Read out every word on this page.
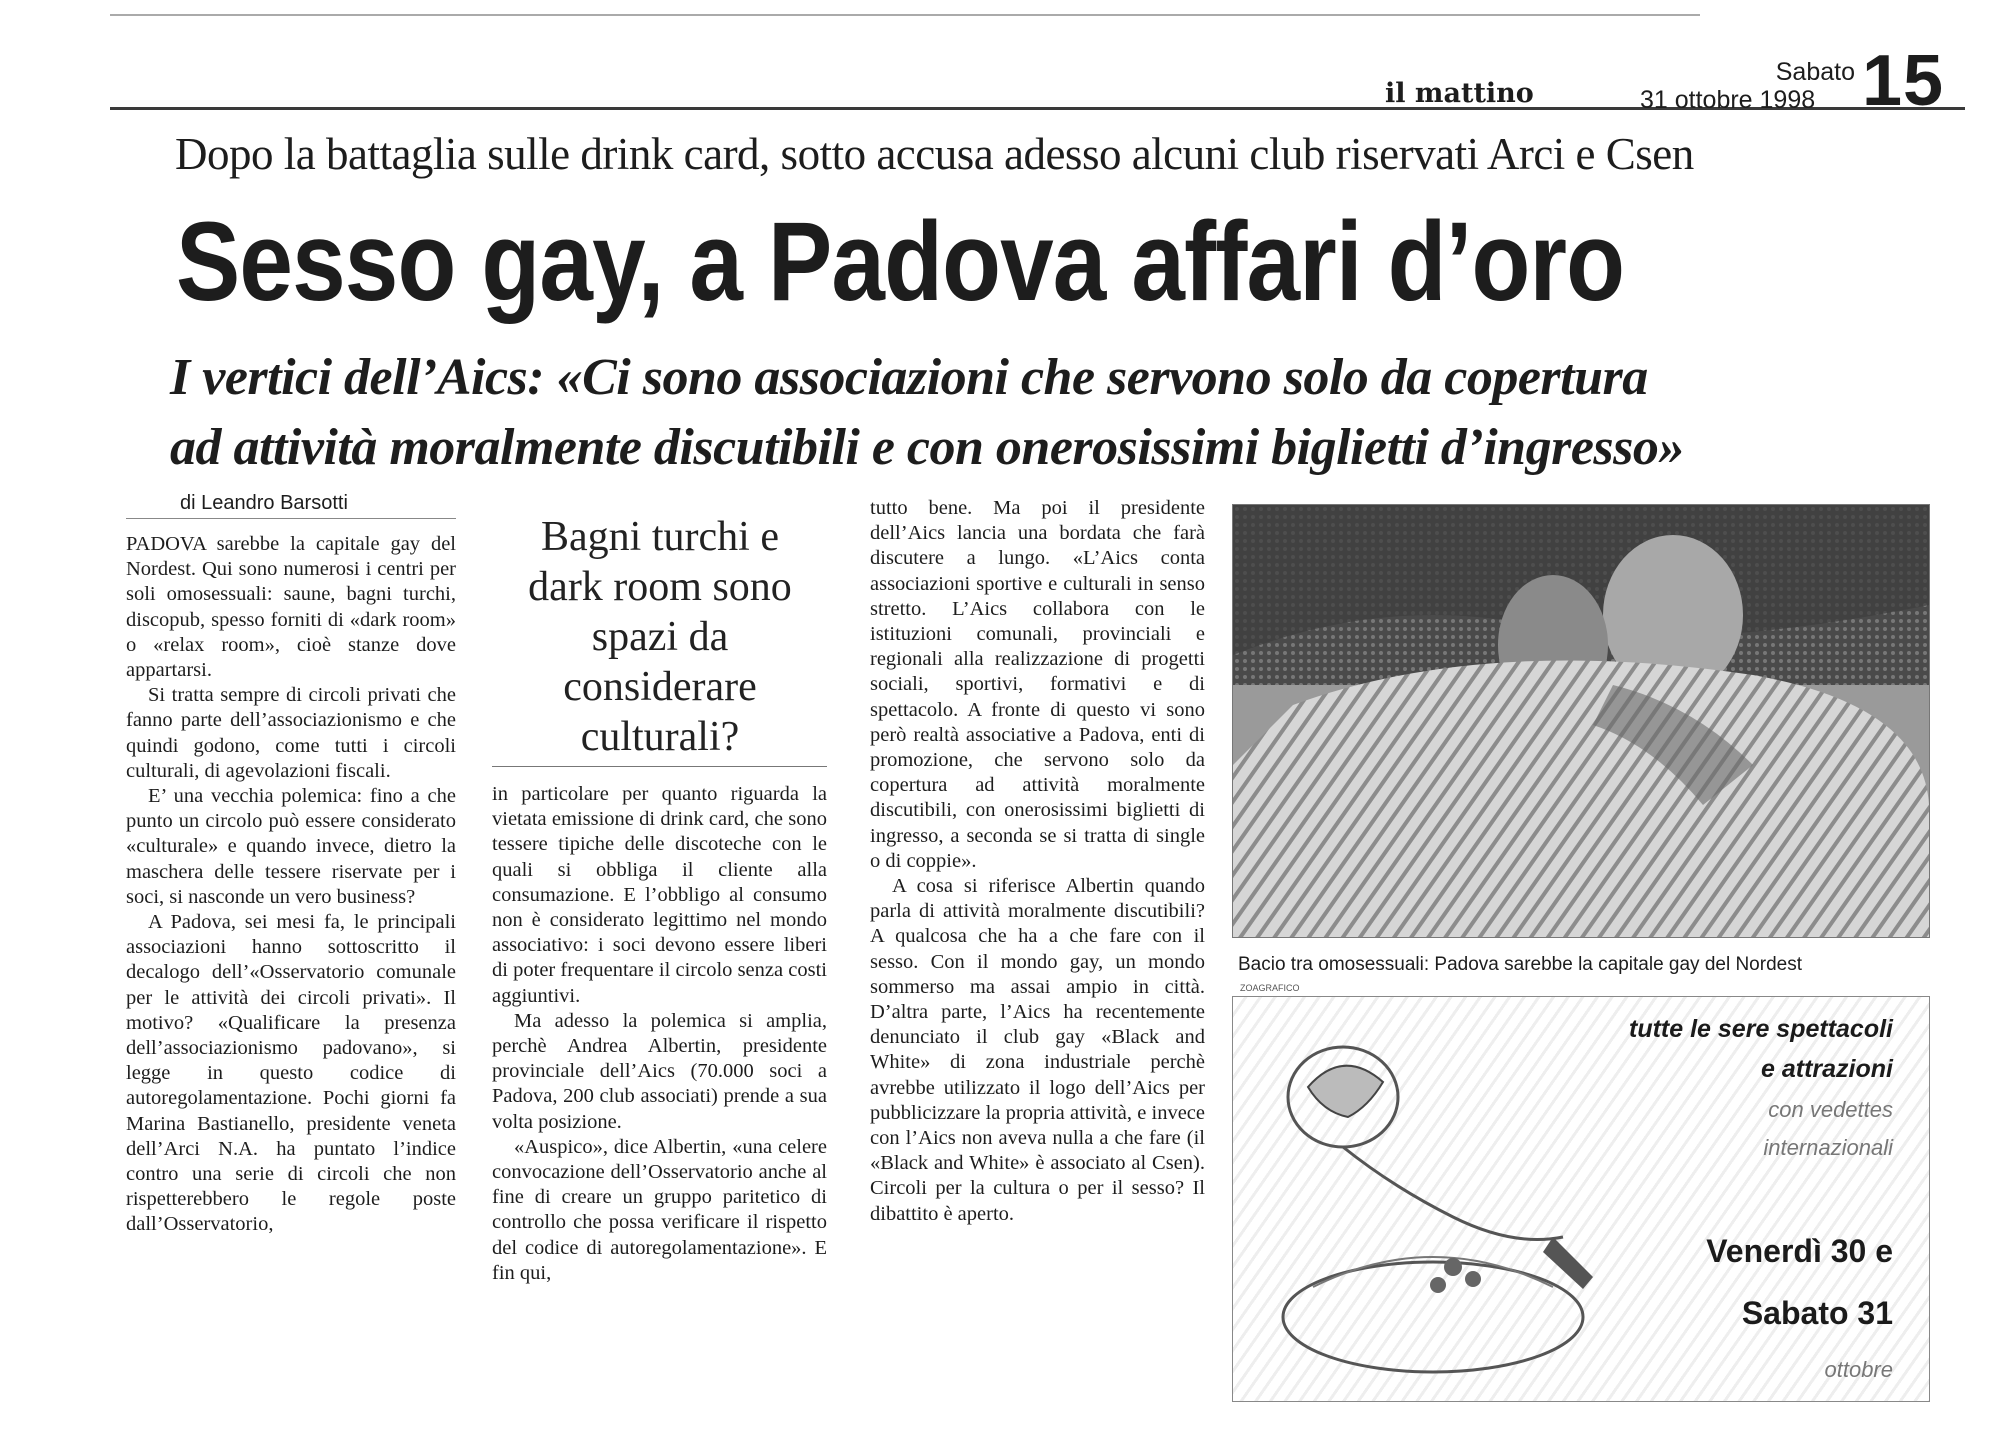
il mattino
Sabato
31 ottobre 1998 15
Dopo la battaglia sulle drink card, sotto accusa adesso alcuni club riservati Arci e Csen
Sesso gay, a Padova affari d’oro
I vertici dell’Aics: «Ci sono associazioni che servono solo da copertura
ad attività moralmente discutibili e con onerosissimi biglietti d’ingresso»
di Leandro Barsotti

PADOVA sarebbe la capitale gay del Nordest. Qui sono numerosi i centri per soli omosessuali: saune, bagni turchi, discopub, spesso forniti di «dark room» o «relax room», cioè stanze dove appartarsi.

Si tratta sempre di circoli privati che fanno parte dell’associazionismo e che quindi godono, come tutti i circoli culturali, di agevolazioni fiscali.

E’ una vecchia polemica: fino a che punto un circolo può essere considerato «culturale» e quando invece, dietro la maschera delle tessere riservate per i soci, si nasconde un vero business?

A Padova, sei mesi fa, le principali associazioni hanno sottoscritto il decalogo dell’«Osservatorio comunale per le attività dei circoli privati». Il motivo? «Qualificare la presenza dell’associazionismo padovano», si legge in questo codice di autoregolamentazione. Pochi giorni fa Marina Bastianello, presidente veneta dell’Arci N.A. ha puntato l’indice contro una serie di circoli che non rispetterebbero le regole poste dall’Osservatorio,

Bagni turchi e dark room sono spazi da considerare culturali?

in particolare per quanto riguarda la vietata emissione di drink card, che sono tessere tipiche delle discoteche con le quali si obbliga il cliente alla consumazione. E l’obbligo al consumo non è considerato legittimo nel mondo associativo: i soci devono essere liberi di poter frequentare il circolo senza costi aggiuntivi.

Ma adesso la polemica si amplia, perchè Andrea Albertin, presidente provinciale dell’Aics (70.000 soci a Padova, 200 club associati) prende a sua volta posizione.

«Auspico», dice Albertin, «una celere convocazione dell’Osservatorio anche al fine di creare un gruppo paritetico di controllo che possa verificare il rispetto del codice di autoregolamentazione». E fin qui,

tutto bene. Ma poi il presidente dell’Aics lancia una bordata che farà discutere a lungo. «L’Aics conta associazioni sportive e culturali in senso stretto. L’Aics collabora con le istituzioni comunali, provinciali e regionali alla realizzazione di progetti sociali, sportivi, formativi e di spettacolo. A fronte di questo vi sono però realtà associative a Padova, enti di promozione, che servono solo da copertura ad attività moralmente discutibili, con onerosissimi biglietti di ingresso, a seconda se si tratta di single o di coppie».

A cosa si riferisce Albertin quando parla di attività moralmente discutibili? A qualcosa che ha a che fare con il sesso. Con il mondo gay, un mondo sommerso ma assai ampio in città. D’altra parte, l’Aics ha recentemente denunciato il club gay «Black and White» di zona industriale perchè avrebbe utilizzato il logo dell’Aics per pubblicizzare la propria attività, e invece con l’Aics non aveva nulla a che fare (il «Black and White» è associato al Csen). Circoli per la cultura o per il sesso? Il dibattito è aperto.

Bacio tra omosessuali: Padova sarebbe la capitale gay del Nordest
ZOAGRAFICO
tutte le sere spettacoli
e attrazioni
con vedettes
internazionali
Venerdì 30 e
Sabato 31
ottobre
